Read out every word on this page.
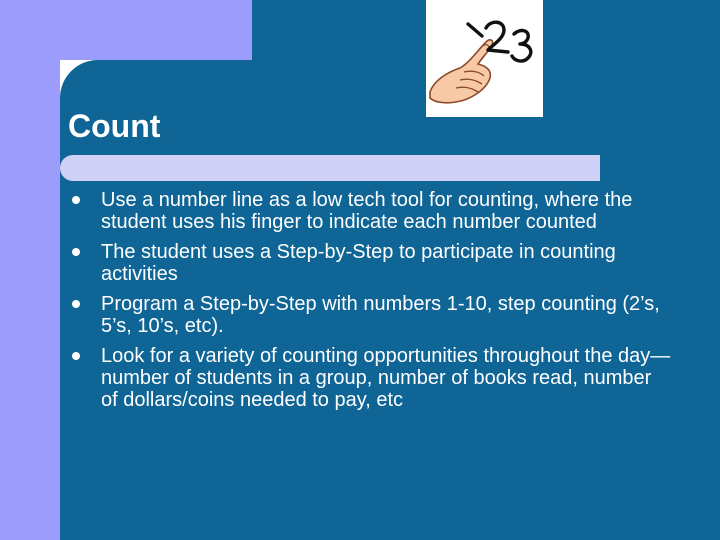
Count
Use a number line as a low tech tool for counting, where the student uses his finger to indicate each number counted
The student uses a Step-by-Step to participate in counting activities
Program a Step-by-Step with numbers 1-10, step counting (2’s, 5’s, 10’s, etc).
Look for a variety of counting opportunities throughout the day—number of students in a group, number of books read, number of dollars/coins needed to pay, etc
